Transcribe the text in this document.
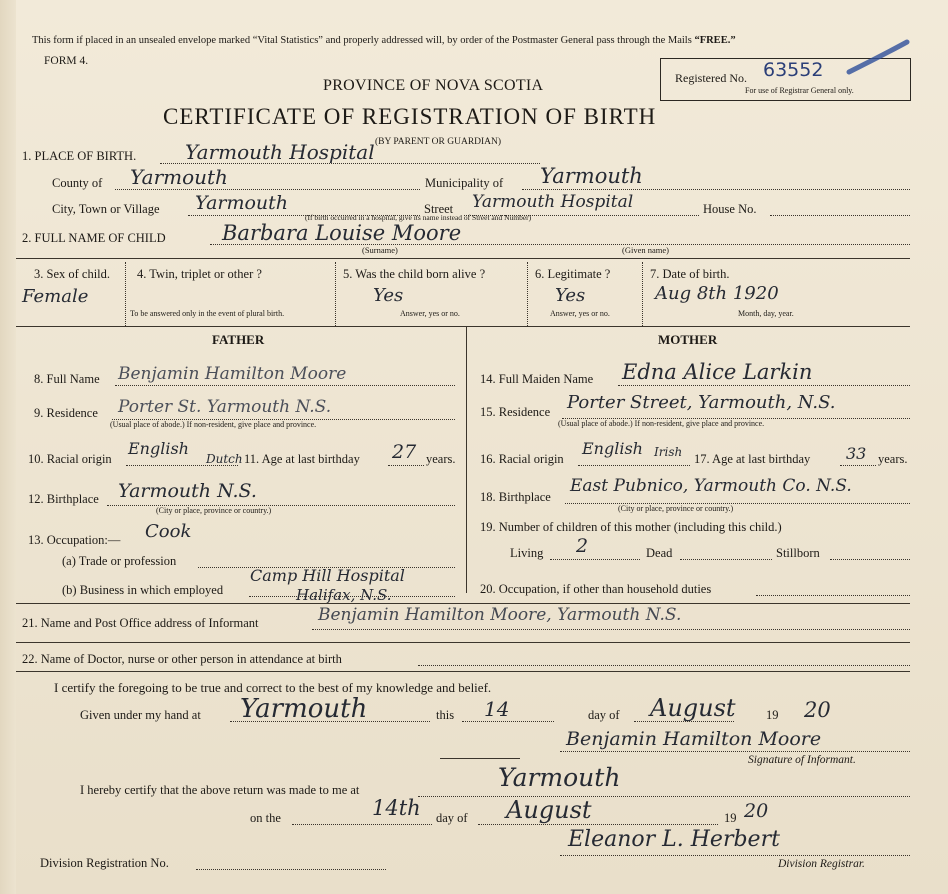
This form if placed in an unsealed envelope marked “Vital Statistics” and properly addressed will, by order of the Postmaster General pass through the Mails “FREE.”
FORM 4.
Registered No. 63552
For use of Registrar General only.
PROVINCE OF NOVA SCOTIA
CERTIFICATE OF REGISTRATION OF BIRTH
(BY PARENT OR GUARDIAN)
1. PLACE OF BIRTH. Yarmouth Hospital
County of Yarmouth	Municipality of Yarmouth
City, Town or Village Yarmouth	Street Yarmouth Hospital	House No.
(If birth occurred in a hospital, give its name instead of Street and Number)
2. FULL NAME OF CHILD	Barbara Louise Moore
(Surname)	(Given name)
3. Sex of child.
Female
4. Twin, triplet or other ?
To be answered only in the event of plural birth.
5. Was the child born alive ?
Yes
Answer, yes or no.
6. Legitimate ?
Yes
Answer, yes or no.
7. Date of birth.
Aug 8th 1920
Month, day, year.
FATHER
8. Full Name Benjamin Hamilton Moore
9. Residence Porter St. Yarmouth N.S.
(Usual place of abode.) If non-resident, give place and province.
10. Racial origin
English
Dutch 11. Age at last birthday 27 years.
12. Birthplace Yarmouth N.S.
(City or place, province or country.)
13. Occupation:— Cook
(a) Trade or profession
(b) Business in which employed
Camp Hill Hospital
Halifax, N.S.
MOTHER
14. Full Maiden Name Edna Alice Larkin
15. Residence Porter Street, Yarmouth, N.S.
(Usual place of abode.) If non-resident, give place and province.
16. Racial origin
English Irish 17. Age at last birthday 33 years.
18. Birthplace
East Pubnico, Yarmouth Co. N.S.
(City or place, province or country.)
19. Number of children of this mother (including this child.)
Living 2	Dead	Stillborn
20. Occupation, if other than household duties
21. Name and Post Office address of Informant	Benjamin Hamilton Moore, Yarmouth N.S.
22. Name of Doctor, nurse or other person in attendance at birth
I certify the foregoing to be true and correct to the best of my knowledge and belief.
Given under my hand at Yarmouth	this 14	day of August 19 20
Benjamin Hamilton Moore
Signature of Informant.
I hereby certify that the above return was made to me at	Yarmouth
on the	14th day of August	19 20
Division Registration No.
Eleanor L. Herbert
Division Registrar.
